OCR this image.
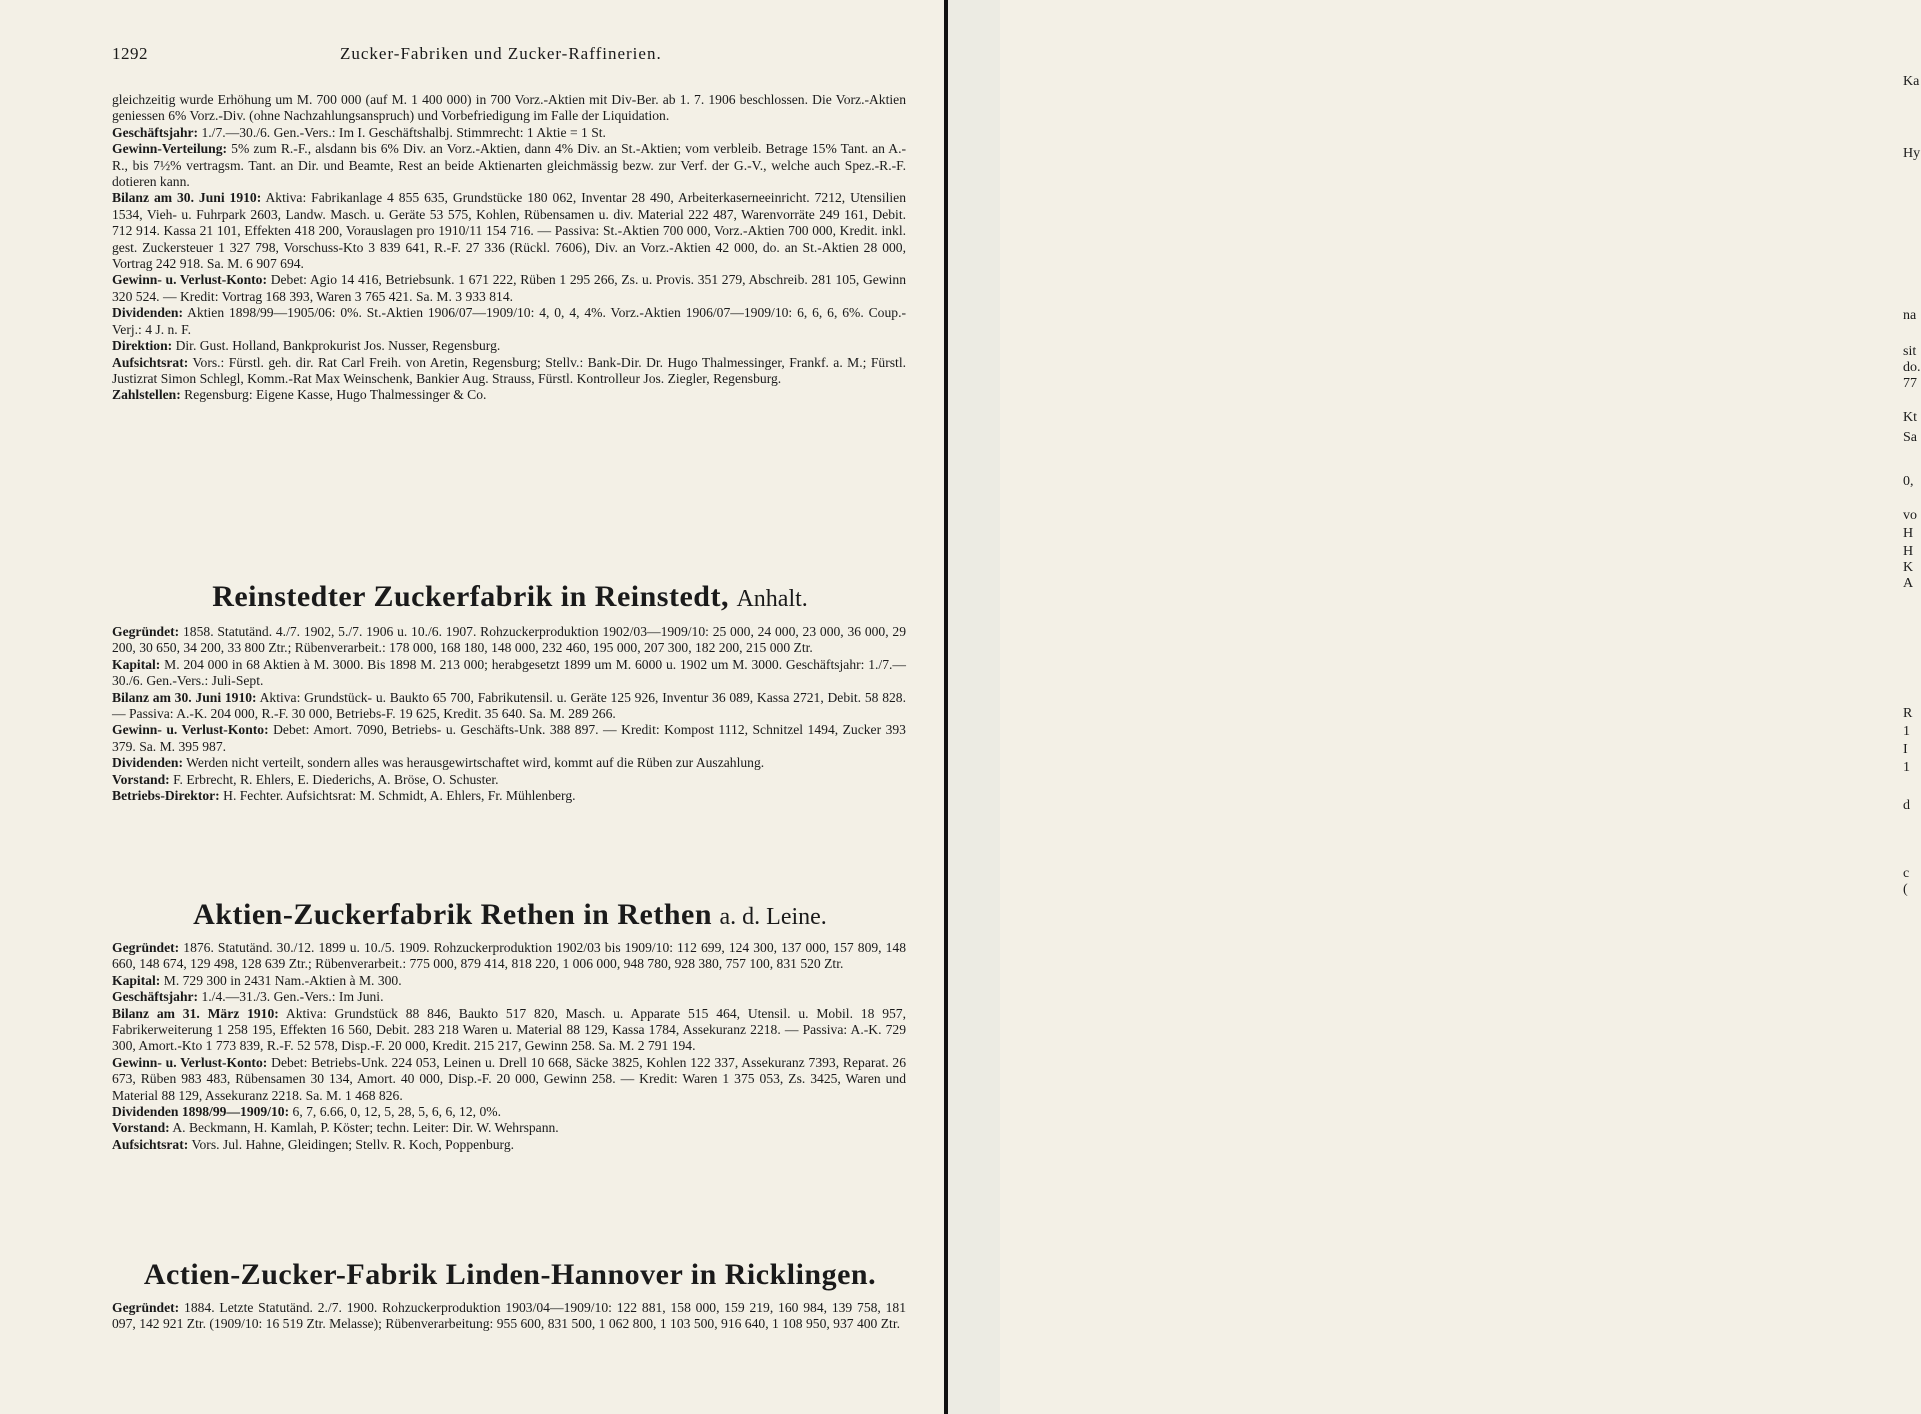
1292	Zucker-Fabriken und Zucker-Raffinerien.

gleichzeitig wurde Erhöhung um M. 700 000 (auf M. 1 400 000) in 700 Vorz.-Aktien mit Div-Ber. ab 1. 7. 1906 beschlossen. Die Vorz.-Aktien geniessen 6% Vorz.-Div. (ohne Nachzahlungsanspruch) und Vorbefriedigung im Falle der Liquidation.

Geschäftsjahr: 1./7.—30./6. Gen.-Vers.: Im I. Geschäftshalbj. Stimmrecht: 1 Aktie = 1 St.

Gewinn-Verteilung: 5% zum R.-F., alsdann bis 6% Div. an Vorz.-Aktien, dann 4% Div. an St.-Aktien; vom verbleib. Betrage 15% Tant. an A.-R., bis 7½% vertragsm. Tant. an Dir. und Beamte, Rest an beide Aktienarten gleichmässig bezw. zur Verf. der G.-V., welche auch Spez.-R.-F. dotieren kann.

Bilanz am 30. Juni 1910: Aktiva: Fabrikanlage 4 855 635, Grundstücke 180 062, Inventar 28 490, Arbeiterkaserneeinricht. 7212, Utensilien 1534, Vieh- u. Fuhrpark 2603, Landw. Masch. u. Geräte 53 575, Kohlen, Rübensamen u. div. Material 222 487, Warenvorräte 249 161, Debit. 712 914. Kassa 21 101, Effekten 418 200, Vorauslagen pro 1910/11 154 716. — Passiva: St.-Aktien 700 000, Vorz.-Aktien 700 000, Kredit. inkl. gest. Zuckersteuer 1 327 798, Vorschuss-Kto 3 839 641, R.-F. 27 336 (Rückl. 7606), Div. an Vorz.-Aktien 42 000, do. an St.-Aktien 28 000, Vortrag 242 918. Sa. M. 6 907 694.

Gewinn- u. Verlust-Konto: Debet: Agio 14 416, Betriebsunk. 1 671 222, Rüben 1 295 266, Zs. u. Provis. 351 279, Abschreib. 281 105, Gewinn 320 524. — Kredit: Vortrag 168 393, Waren 3 765 421. Sa. M. 3 933 814.

Dividenden: Aktien 1898/99—1905/06: 0%. St.-Aktien 1906/07—1909/10: 4, 0, 4, 4%. Vorz.-Aktien 1906/07—1909/10: 6, 6, 6, 6%. Coup.-Verj.: 4 J. n. F.

Direktion: Dir. Gust. Holland, Bankprokurist Jos. Nusser, Regensburg.

Aufsichtsrat: Vors.: Fürstl. geh. dir. Rat Carl Freih. von Aretin, Regensburg; Stellv.: Bank-Dir. Dr. Hugo Thalmessinger, Frankf. a. M.; Fürstl. Justizrat Simon Schlegl, Komm.-Rat Max Weinschenk, Bankier Aug. Strauss, Fürstl. Kontrolleur Jos. Ziegler, Regensburg.

Zahlstellen: Regensburg: Eigene Kasse, Hugo Thalmessinger & Co.

Reinstedter Zuckerfabrik in Reinstedt, Anhalt.

Gegründet: 1858. Statutänd. 4./7. 1902, 5./7. 1906 u. 10./6. 1907. Rohzuckerproduktion 1902/03—1909/10: 25 000, 24 000, 23 000, 36 000, 29 200, 30 650, 34 200, 33 800 Ztr.; Rübenverarbeit.: 178 000, 168 180, 148 000, 232 460, 195 000, 207 300, 182 200, 215 000 Ztr.

Kapital: M. 204 000 in 68 Aktien à M. 3000. Bis 1898 M. 213 000; herabgesetzt 1899 um M. 6000 u. 1902 um M. 3000. Geschäftsjahr: 1./7.—30./6. Gen.-Vers.: Juli-Sept.

Bilanz am 30. Juni 1910: Aktiva: Grundstück- u. Baukto 65 700, Fabrikutensil. u. Geräte 125 926, Inventur 36 089, Kassa 2721, Debit. 58 828. — Passiva: A.-K. 204 000, R.-F. 30 000, Betriebs-F. 19 625, Kredit. 35 640. Sa. M. 289 266.

Gewinn- u. Verlust-Konto: Debet: Amort. 7090, Betriebs- u. Geschäfts-Unk. 388 897. — Kredit: Kompost 1112, Schnitzel 1494, Zucker 393 379. Sa. M. 395 987.

Dividenden: Werden nicht verteilt, sondern alles was herausgewirtschaftet wird, kommt auf die Rüben zur Auszahlung.

Vorstand: F. Erbrecht, R. Ehlers, E. Diederichs, A. Bröse, O. Schuster.

Betriebs-Direktor: H. Fechter. Aufsichtsrat: M. Schmidt, A. Ehlers, Fr. Mühlenberg.

Aktien-Zuckerfabrik Rethen in Rethen a. d. Leine.

Gegründet: 1876. Statutänd. 30./12. 1899 u. 10./5. 1909. Rohzuckerproduktion 1902/03 bis 1909/10: 112 699, 124 300, 137 000, 157 809, 148 660, 148 674, 129 498, 128 639 Ztr.; Rübenverarbeit.: 775 000, 879 414, 818 220, 1 006 000, 948 780, 928 380, 757 100, 831 520 Ztr.

Kapital: M. 729 300 in 2431 Nam.-Aktien à M. 300.

Geschäftsjahr: 1./4.—31./3. Gen.-Vers.: Im Juni.

Bilanz am 31. März 1910: Aktiva: Grundstück 88 846, Baukto 517 820, Masch. u. Apparate 515 464, Utensil. u. Mobil. 18 957, Fabrikerweiterung 1 258 195, Effekten 16 560, Debit. 283 218 Waren u. Material 88 129, Kassa 1784, Assekuranz 2218. — Passiva: A.-K. 729 300, Amort.-Kto 1 773 839, R.-F. 52 578, Disp.-F. 20 000, Kredit. 215 217, Gewinn 258. Sa. M. 2 791 194.

Gewinn- u. Verlust-Konto: Debet: Betriebs-Unk. 224 053, Leinen u. Drell 10 668, Säcke 3825, Kohlen 122 337, Assekuranz 7393, Reparat. 26 673, Rüben 983 483, Rübensamen 30 134, Amort. 40 000, Disp.-F. 20 000, Gewinn 258. — Kredit: Waren 1 375 053, Zs. 3425, Waren und Material 88 129, Assekuranz 2218. Sa. M. 1 468 826.

Dividenden 1898/99—1909/10: 6, 7, 6.66, 0, 12, 5, 28, 5, 6, 6, 12, 0%.

Vorstand: A. Beckmann, H. Kamlah, P. Köster; techn. Leiter: Dir. W. Wehrspann.

Aufsichtsrat: Vors. Jul. Hahne, Gleidingen; Stellv. R. Koch, Poppenburg.

Actien-Zucker-Fabrik Linden-Hannover in Ricklingen.

Gegründet: 1884. Letzte Statutänd. 2./7. 1900. Rohzuckerproduktion 1903/04—1909/10: 122 881, 158 000, 159 219, 160 984, 139 758, 181 097, 142 921 Ztr. (1909/10: 16 519 Ztr. Melasse); Rübenverarbeitung: 955 600, 831 500, 1 062 800, 1 103 500, 916 640, 1 108 950, 937 400 Ztr.

Ka
Hy
na
sit
do.
77
Kt
Sa
0,
vo
H
H
K
A
R
1
I
1
d
c
(
